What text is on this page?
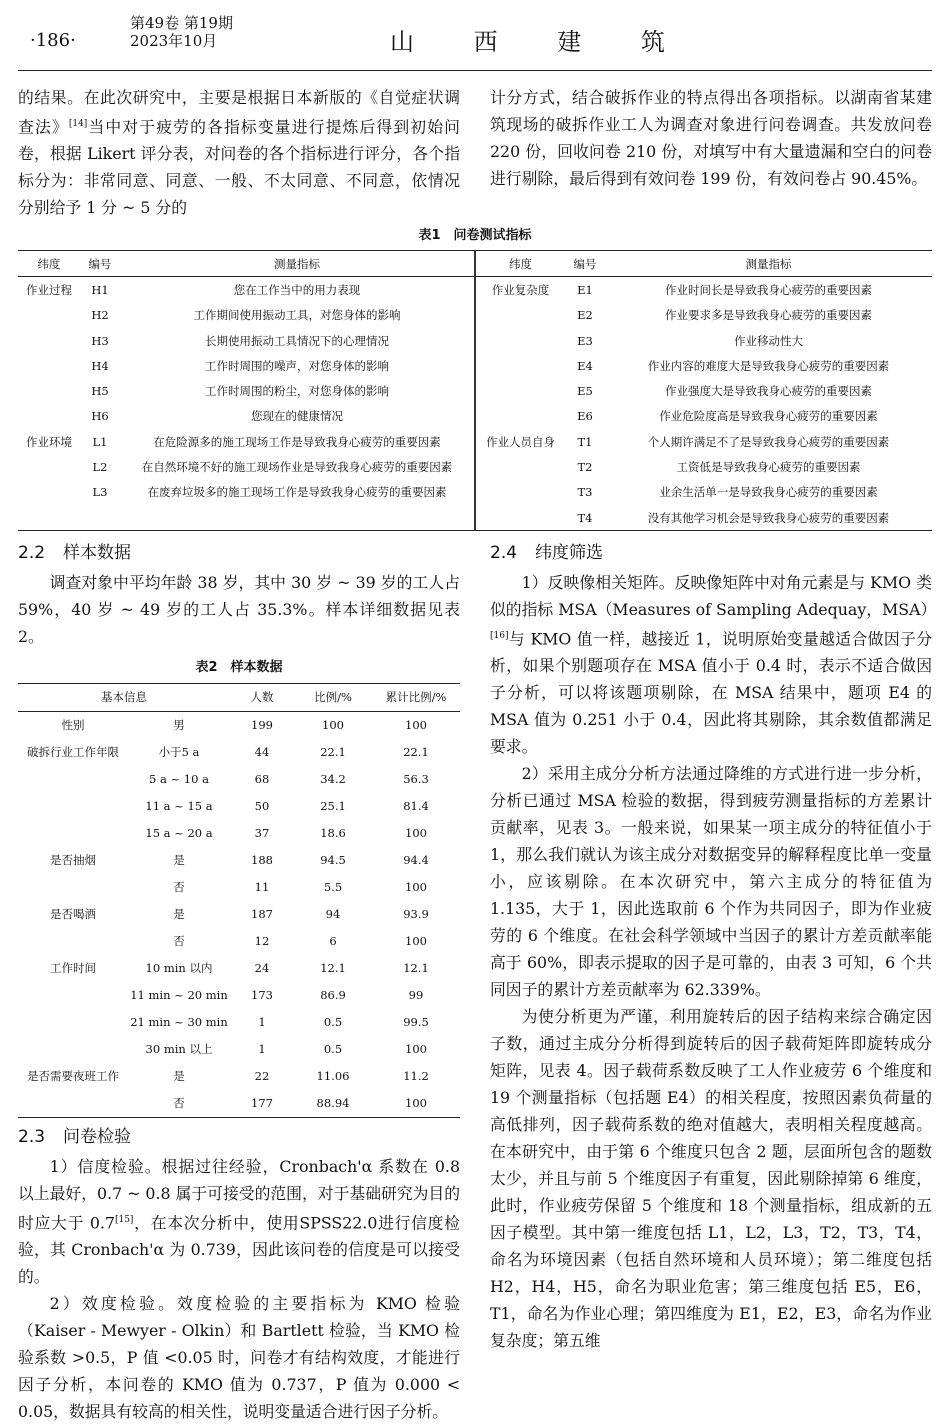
·186·
第49卷 第19期
2023年10月	山 西 建 筑

的结果。在此次研究中，主要是根据日本新版的《自觉症状调查法》[14]当中对于疲劳的各指标变量进行提炼后得到初始问卷，根据 Likert 评分表，对问卷的各个指标进行评分，各个指标分为：非常同意、同意、一般、不太同意、不同意，依情况分别给予 1 分 ~ 5 分的

计分方式，结合破拆作业的特点得出各项指标。以湖南省某建筑现场的破拆作业工人为调查对象进行问卷调查。共发放问卷 220 份，回收问卷 210 份，对填写中有大量遗漏和空白的问卷进行剔除，最后得到有效问卷 199 份，有效问卷占 90.45%。

表1　问卷测试指标
纬度	编号	测量指标	纬度	编号	测量指标
作业过程	H1	您在工作当中的用力表现	作业复杂度	E1	作业时间长是导致我身心疲劳的重要因素
	H2	工作期间使用振动工具，对您身体的影响		E2	作业要求多是导致我身心疲劳的重要因素
	H3	长期使用振动工具情况下的心理情况		E3	作业移动性大
	H4	工作时周围的噪声，对您身体的影响		E4	作业内容的难度大是导致我身心疲劳的重要因素
	H5	工作时周围的粉尘，对您身体的影响		E5	作业强度大是导致我身心疲劳的重要因素
	H6	您现在的健康情况		E6	作业危险度高是导致我身心疲劳的重要因素
作业环境	L1	在危险源多的施工现场工作是导致我身心疲劳的重要因素	作业人员自身	T1	个人期许满足不了是导致我身心疲劳的重要因素
	L2	在自然环境不好的施工现场作业是导致我身心疲劳的重要因素		T2	工资低是导致我身心疲劳的重要因素
	L3	在废弃垃圾多的施工现场工作是导致我身心疲劳的重要因素		T3	业余生活单一是导致我身心疲劳的重要因素
				T4	没有其他学习机会是导致我身心疲劳的重要因素
2.2 样本数据

调查对象中平均年龄 38 岁，其中 30 岁 ~ 39 岁的工人占 59%，40 岁 ~ 49 岁的工人占 35.3%。样本详细数据见表2。

表2　样本数据
基本信息		人数	比例/%	累计比例/%
性别	男	199	100	100
破拆行业工作年限	小于5 a	44	22.1	22.1
	5 a ~ 10 a	68	34.2	56.3
	11 a ~ 15 a	50	25.1	81.4
	15 a ~ 20 a	37	18.6	100
是否抽烟	是	188	94.5	94.4
	否	11	5.5	100
是否喝酒	是	187	94	93.9
	否	12	6	100
工作时间	10 min 以内	24	12.1	12.1
	11 min ~ 20 min	173	86.9	99
	21 min ~ 30 min	1	0.5	99.5
	30 min 以上	1	0.5	100
是否需要夜班工作	是	22	11.06	11.2
	否	177	88.94	100
2.3 问卷检验

1）信度检验。根据过往经验，Cronbach'α 系数在 0.8 以上最好，0.7 ~ 0.8 属于可接受的范围，对于基础研究为目的时应大于 0.7[15]，在本次分析中，使用SPSS22.0进行信度检验，其 Cronbach'α 为 0.739，因此该问卷的信度是可以接受的。

2）效度检验。效度检验的主要指标为 KMO 检验（Kaiser - Mewyer - Olkin）和 Bartlett 检验，当 KMO 检验系数 >0.5，P 值 <0.05 时，问卷才有结构效度，才能进行因子分析，本问卷的 KMO 值为 0.737，P 值为 0.000 < 0.05，数据具有较高的相关性，说明变量适合进行因子分析。

2.4 纬度筛选

1）反映像相关矩阵。反映像矩阵中对角元素是与 KMO 类似的指标 MSA（Measures of Sampling Adequay，MSA）[16]与 KMO 值一样，越接近 1，说明原始变量越适合做因子分析，如果个别题项存在 MSA 值小于 0.4 时，表示不适合做因子分析，可以将该题项剔除，在 MSA 结果中，题项 E4 的 MSA 值为 0.251 小于 0.4，因此将其剔除，其余数值都满足要求。

2）采用主成分分析方法通过降维的方式进行进一步分析，分析已通过 MSA 检验的数据，得到疲劳测量指标的方差累计贡献率，见表 3。一般来说，如果某一项主成分的特征值小于 1，那么我们就认为该主成分对数据变异的解释程度比单一变量小，应该剔除。在本次研究中，第六主成分的特征值为 1.135，大于 1，因此选取前 6 个作为共同因子，即为作业疲劳的 6 个维度。在社会科学领域中当因子的累计方差贡献率能高于 60%，即表示提取的因子是可靠的，由表 3 可知，6 个共同因子的累计方差贡献率为 62.339%。

为使分析更为严谨，利用旋转后的因子结构来综合确定因子数，通过主成分分析得到旋转后的因子载荷矩阵即旋转成分矩阵，见表 4。因子载荷系数反映了工人作业疲劳 6 个维度和 19 个测量指标（包括题 E4）的相关程度，按照因素负荷量的高低排列，因子载荷系数的绝对值越大，表明相关程度越高。在本研究中，由于第 6 个维度只包含 2 题，层面所包含的题数太少，并且与前 5 个维度因子有重复，因此剔除掉第 6 维度，此时，作业疲劳保留 5 个维度和 18 个测量指标，组成新的五因子模型。其中第一维度包括 L1，L2，L3，T2，T3，T4，命名为环境因素（包括自然环境和人员环境）；第二维度包括 H2，H4，H5，命名为职业危害；第三维度包括 E5，E6，T1，命名为作业心理；第四维度为 E1，E2，E3，命名为作业复杂度；第五维
